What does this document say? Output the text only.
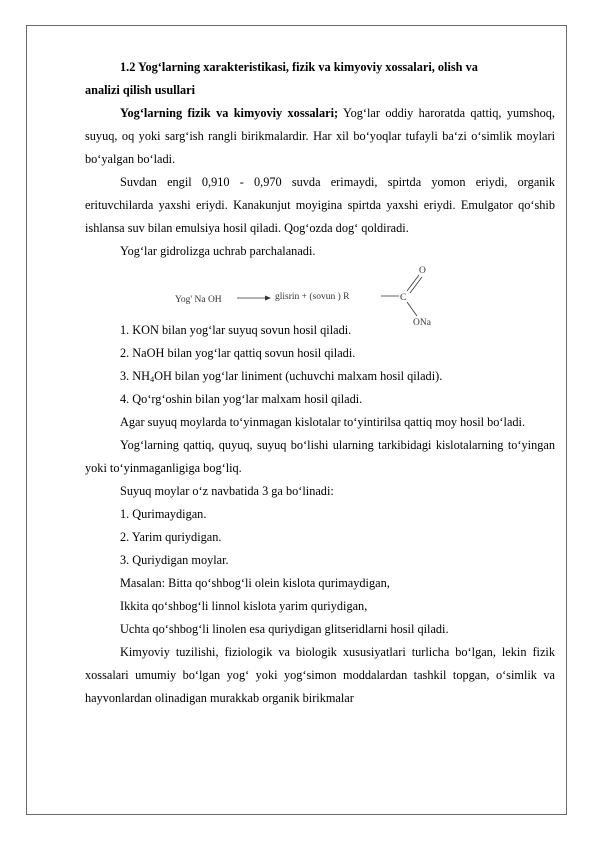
1.2 Yogʻlarning xarakteristikasi, fizik va kimyoviy xossalari, olish va
analizi qilish usullari

Yogʻlarning fizik va kimyoviy xossalari; Yogʻlar oddiy haroratda qattiq, yumshoq, suyuq, oq yoki sargʻish rangli birikmalardir. Har xil boʻyoqlar tufayli baʻzi oʻsimlik moylari boʻyalgan boʻladi.

Suvdan engil 0,910 - 0,970 suvda erimaydi, spirtda yomon eriydi, organik erituvchilarda yaxshi eriydi. Kanakunjut moyigina spirtda yaxshi eriydi. Emulgator qoʻshib ishlansa suv bilan emulsiya hosil qiladi. Qogʻozda dogʻ qoldiradi.

Yogʻlar gidrolizga uchrab parchalanadi.

Yog' Na OH	glisrin + (sovun ) R	C
O
ONa

1. KON bilan yogʻlar suyuq sovun hosil qiladi.

2. NaOH bilan yogʻlar qattiq sovun hosil qiladi.

3. $NH_4OH$ bilan yogʻlar liniment (uchuvchi malxam hosil qiladi).

4. Qoʻrgʻoshin bilan yogʻlar malxam hosil qiladi.

Agar suyuq moylarda toʻyinmagan kislotalar toʻyintirilsa qattiq moy hosil boʻladi.

Yogʻlarning qattiq, quyuq, suyuq boʻlishi ularning tarkibidagi kislotalarning toʻyingan yoki toʻyinmaganligiga bogʻliq.

Suyuq moylar oʻz navbatida 3 ga boʻlinadi:

1. Qurimaydigan.

2. Yarim quriydigan.

3. Quriydigan moylar.

Masalan: Bitta qoʻshbogʻli olein kislota qurimaydigan,

Ikkita qoʻshbogʻli linnol kislota yarim quriydigan,

Uchta qoʻshbogʻli linolen esa quriydigan glitseridlarni hosil qiladi.

Kimyoviy tuzilishi, fiziologik va biologik xususiyatlari turlicha boʻlgan, lekin fizik xossalari umumiy boʻlgan yogʻ yoki yogʻsimon moddalardan tashkil topgan, oʻsimlik va hayvonlardan olinadigan murakkab organik birikmalar
